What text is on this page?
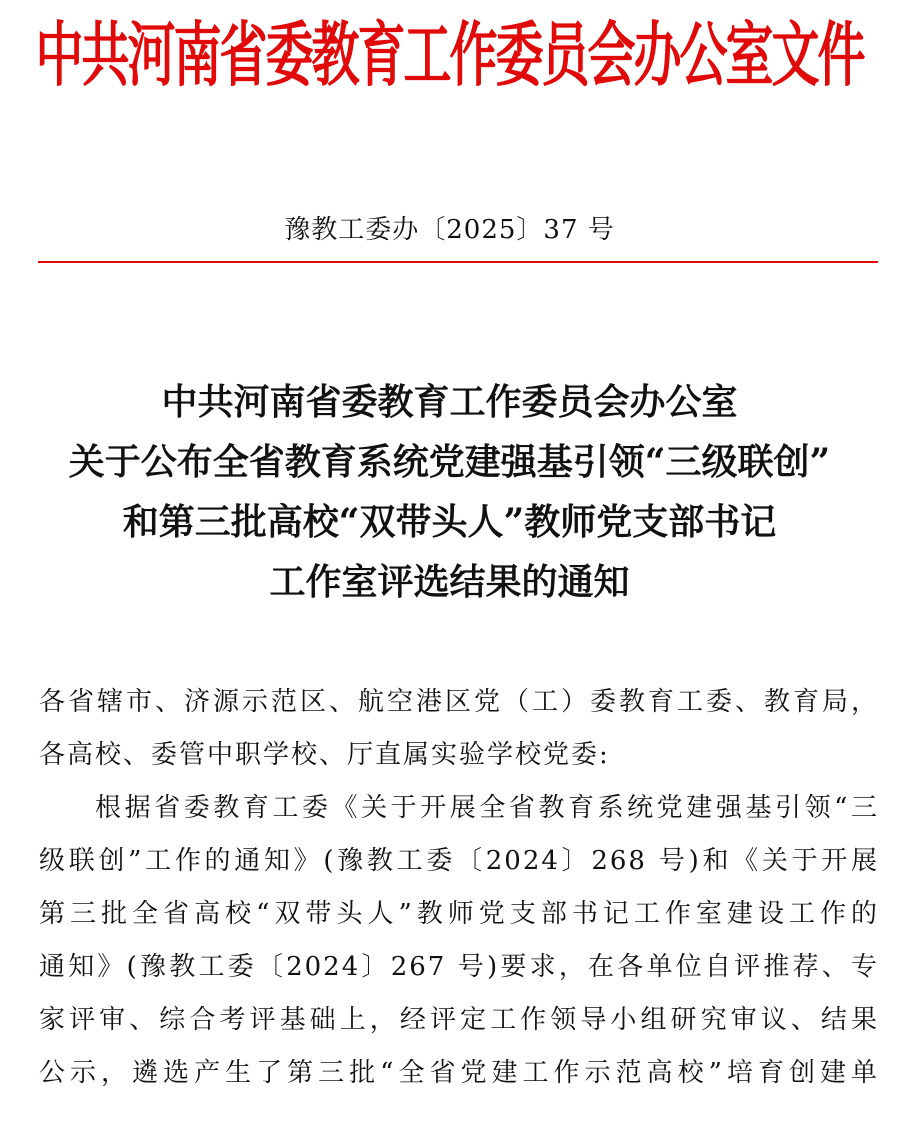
中共河南省委教育工作委员会办公室文件
豫教工委办〔2025〕37 号
中共河南省委教育工作委员会办公室
关于公布全省教育系统党建强基引领“三级联创”
和第三批高校“双带头人”教师党支部书记
工作室评选结果的通知
各省辖市、济源示范区、航空港区党（工）委教育工委、教育局，
各高校、委管中职学校、厅直属实验学校党委:
根据省委教育工委《关于开展全省教育系统党建强基引领“三
级联创”工作的通知》(豫教工委〔2024〕268 号)和《关于开展
第三批全省高校“双带头人”教师党支部书记工作室建设工作的
通知》(豫教工委〔2024〕267 号)要求，在各单位自评推荐、专
家评审、综合考评基础上，经评定工作领导小组研究审议、结果
公示，遴选产生了第三批“全省党建工作示范高校”培育创建单
